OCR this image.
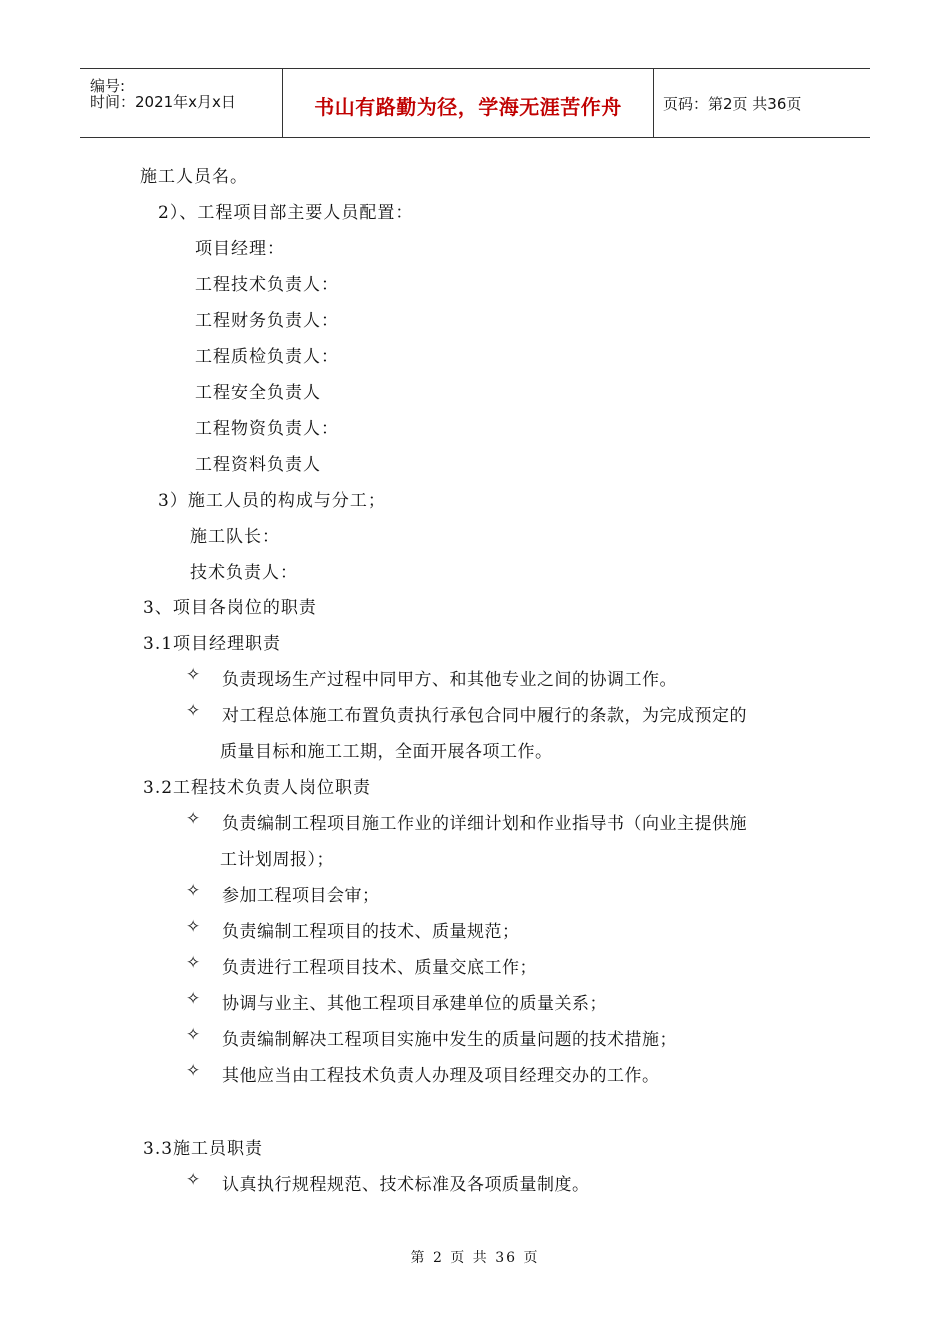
编号:
时间：2021年x月x日	书山有路勤为径，学海无涯苦作舟	页码：第2页 共36页
施工人员名。
2）、工程项目部主要人员配置：
项目经理：
工程技术负责人：
工程财务负责人：
工程质检负责人：
工程安全负责人
工程物资负责人：
工程资料负责人
3）施工人员的构成与分工；
施工队长：
技术负责人：
3、项目各岗位的职责
3.1项目经理职责
✧ 负责现场生产过程中同甲方、和其他专业之间的协调工作。
✧ 对工程总体施工布置负责执行承包合同中履行的条款，为完成预定的
质量目标和施工工期，全面开展各项工作。
3.2工程技术负责人岗位职责
✧ 负责编制工程项目施工作业的详细计划和作业指导书（向业主提供施
工计划周报）；
✧ 参加工程项目会审；
✧ 负责编制工程项目的技术、质量规范；
✧ 负责进行工程项目技术、质量交底工作；
✧ 协调与业主、其他工程项目承建单位的质量关系；
✧ 负责编制解决工程项目实施中发生的质量问题的技术措施；
✧ 其他应当由工程技术负责人办理及项目经理交办的工作。
3.3施工员职责
✧ 认真执行规程规范、技术标准及各项质量制度。
第 2 页 共 36 页
